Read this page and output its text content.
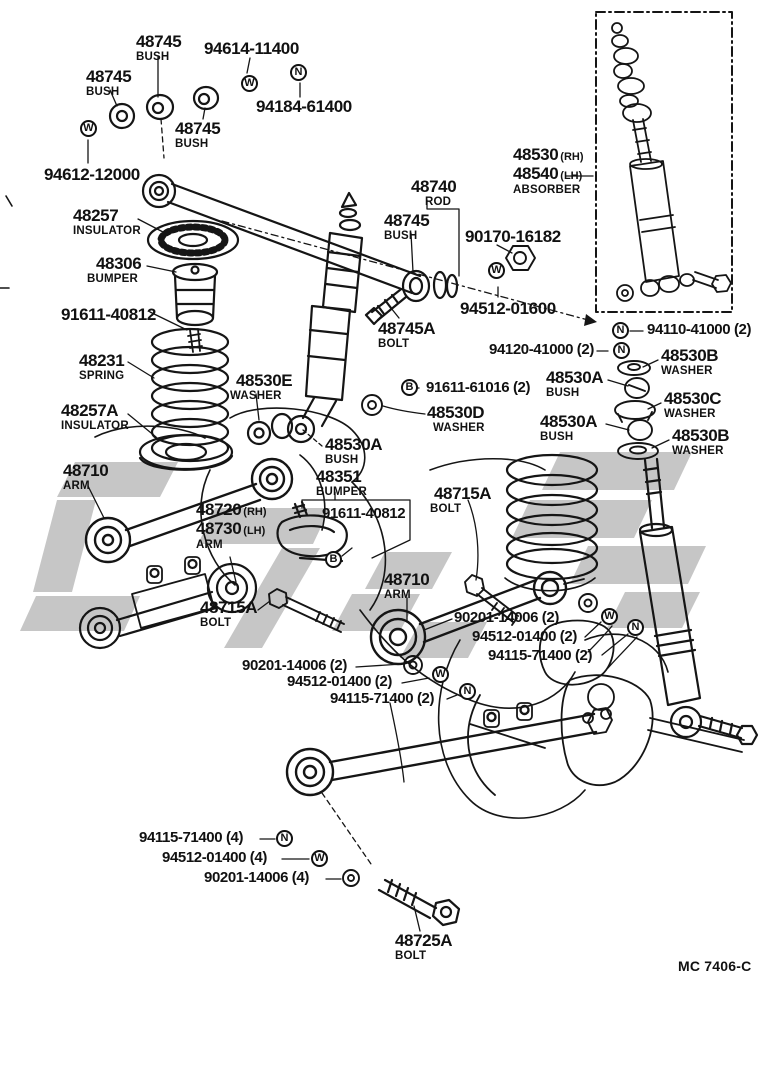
48745
BUSH	94614-11400
48745
BUSH
94184-61400
48745
BUSH
94612-12000
48257
INSULATOR
48306
BUMPER
91611-40812
48231
SPRING	48530E
WASHER
48257A
INSULATOR
48710
ARM
48740
ROD
48745
BUSH	90170-16182
94512-01600
48745A
BOLT
48530 (RH)
48540 (LH)
ABSORBER
94110-41000 (2)
94120-41000 (2)	48530B
WASHER
91611-61016 (2)
48530A
BUSH
48530D
WASHER
48530C
WASHER
48530A
BUSH	48530B
WASHER
48530A
BUSH
48351
BUMPER
91611-40812
48720 (RH)
48730 (LH)
ARM
48715A
BOLT
48710
ARM
48715A
BOLT	90201-14006 (2)
94512-01400 (2)
94115-71400 (2)
90201-14006 (2)
94512-01400 (2)
94115-71400 (2)
94115-71400 (4)
94512-01400 (4)
90201-14006 (4)
48725A
BOLT
W
W
N
W
N
N
B
B
W
N
W
N
N
W
MC 7406-C
